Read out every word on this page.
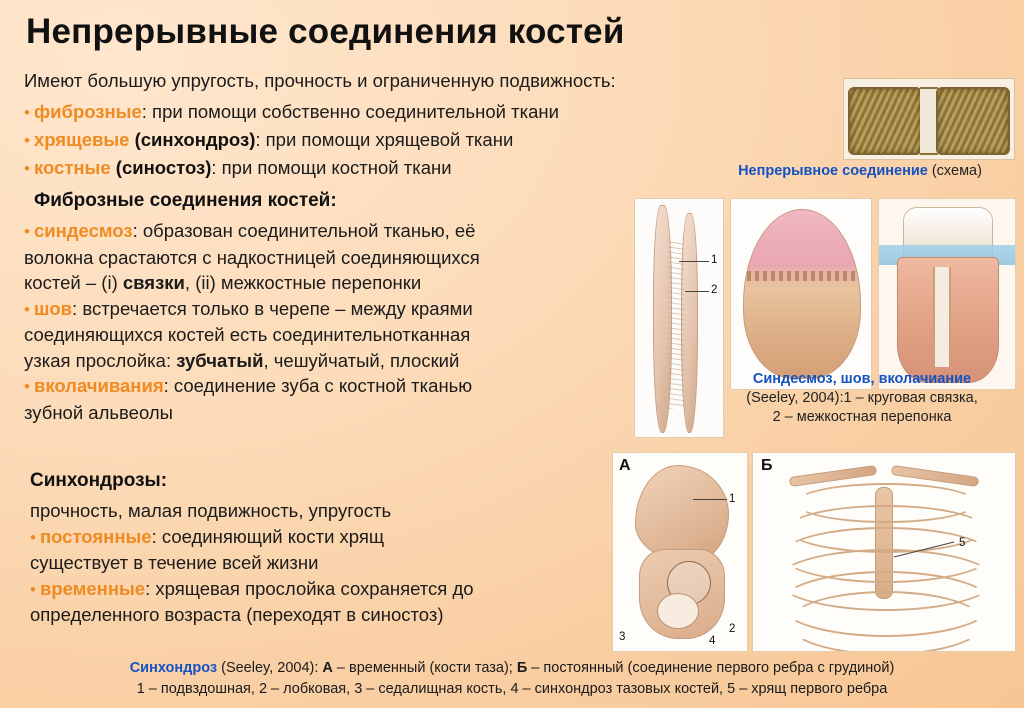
Непрерывные соединения костей
Имеют большую упругость, прочность и ограниченную подвижность:
• фиброзные: при помощи собственно соединительной ткани
• хрящевые (синхондроз): при помощи хрящевой ткани
• костные (синостоз): при помощи костной ткани
Фиброзные соединения костей:
• синдесмоз: образован соединительной тканью, её
волокна срастаются с надкостницей соединяющихся
костей – (i) связки, (ii) межкостные перепонки
• шов: встречается только в черепе – между краями
соединяющихся костей есть соединительнотканная
узкая прослойка: зубчатый, чешуйчатый, плоский
• вколачивания: соединение зуба с костной тканью
зубной альвеолы
Синхондрозы:
прочность, малая подвижность, упругость
• постоянные: соединяющий кости хрящ
существует в течение всей жизни
• временные: хрящевая прослойка сохраняется до
определенного возраста (переходят в синостоз)
Непрерывное соединение (схема)
1
2
Синдесмоз, шов, вколачиание
(Seeley, 2004):1 – круговая связка,
2 – межкостная перепонка
А
1
2
3	4
Б
5
Синхондроз (Seeley, 2004): А – временный (кости таза); Б – постоянный (соединение первого ребра с грудиной)
1 – подвздошная, 2 – лобковая, 3 – седалищная кость, 4 – синхондроз тазовых костей, 5 – хрящ первого ребра
